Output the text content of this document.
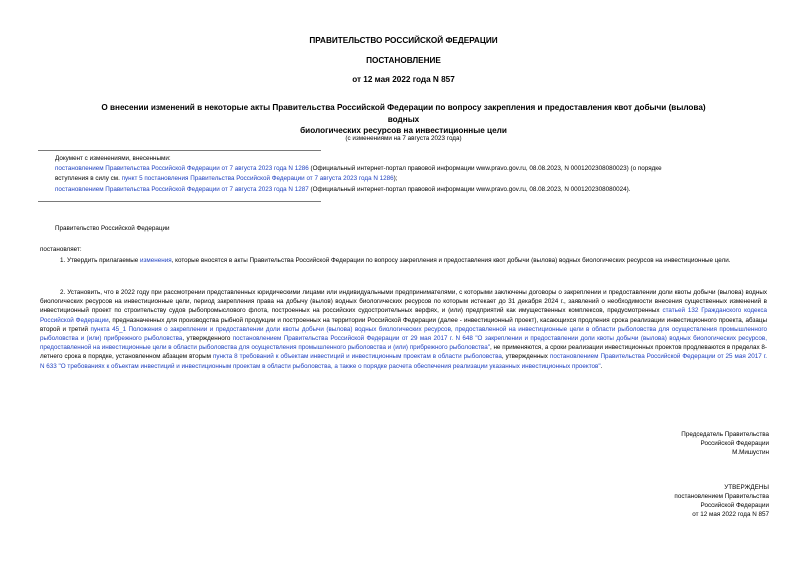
ПРАВИТЕЛЬСТВО РОССИЙСКОЙ ФЕДЕРАЦИИ
ПОСТАНОВЛЕНИЕ
от 12 мая 2022 года N 857
О внесении изменений в некоторые акты Правительства Российской Федерации по вопросу закрепления и предоставления квот добычи (вылова) водных
биологических ресурсов на инвестиционные цели
(с изменениями на 7 августа 2023 года)
Документ с изменениями, внесенными:
постановлением Правительства Российской Федерации от 7 августа 2023 года N 1286 (Официальный интернет-портал правовой информации www.pravo.gov.ru, 08.08.2023, N 0001202308080023) (о порядке
вступления в силу см. пункт 5 постановления Правительства Российской Федерации от 7 августа 2023 года N 1286);
постановлением Правительства Российской Федерации от 7 августа 2023 года N 1287 (Официальный интернет-портал правовой информации www.pravo.gov.ru, 08.08.2023, N 0001202308080024).
Правительство Российской Федерации
постановляет:
1. Утвердить прилагаемые изменения, которые вносятся в акты Правительства Российской Федерации по вопросу закрепления и предоставления квот добычи (вылова) водных биологических ресурсов на инвестиционные цели.
2. Установить, что в 2022 году при рассмотрении представленных юридическими лицами или индивидуальными предпринимателями, с которыми заключены договоры о закреплении и предоставлении доли квоты добычи (вылова) водных биологических ресурсов на инвестиционные цели, период закрепления права на добычу (вылов) водных биологических ресурсов по которым истекает до 31 декабря 2024 г., заявлений о необходимости внесения существенных изменений в инвестиционный проект по строительству судов рыбопромыслового флота, построенных на российских судостроительных верфях, и (или) предприятий как имущественных комплексов, предусмотренных статьей 132 Гражданского кодекса Российской Федерации, предназначенных для производства рыбной продукции и построенных на территории Российской Федерации (далее - инвестиционный проект), касающихся продления срока реализации инвестиционного проекта, абзацы второй и третий пункта 45_1 Положения о закреплении и предоставлении доли квоты добычи (вылова) водных биологических ресурсов, предоставленной на инвестиционные цели в области рыболовства для осуществления промышленного рыболовства и (или) прибрежного рыболовства, утвержденного постановлением Правительства Российской Федерации от 29 мая 2017 г. N 648 "О закреплении и предоставлении доли квоты добычи (вылова) водных биологических ресурсов, предоставленной на инвестиционные цели в области рыболовства для осуществления промышленного рыболовства и (или) прибрежного рыболовства", не применяются, а сроки реализации инвестиционных проектов продлеваются в пределах 8-летнего срока в порядке, установленном абзацем вторым пункта 8 требований к объектам инвестиций и инвестиционным проектам в области рыболовства, утвержденных постановлением Правительства Российской Федерации от 25 мая 2017 г. N 633 "О требованиях к объектам инвестиций и инвестиционным проектам в области рыболовства, а также о порядке расчета обеспечения реализации указанных инвестиционных проектов".
Председатель Правительства
Российской Федерации
М.Мишустин
УТВЕРЖДЕНЫ
постановлением Правительства
Российской Федерации
от 12 мая 2022 года N 857
